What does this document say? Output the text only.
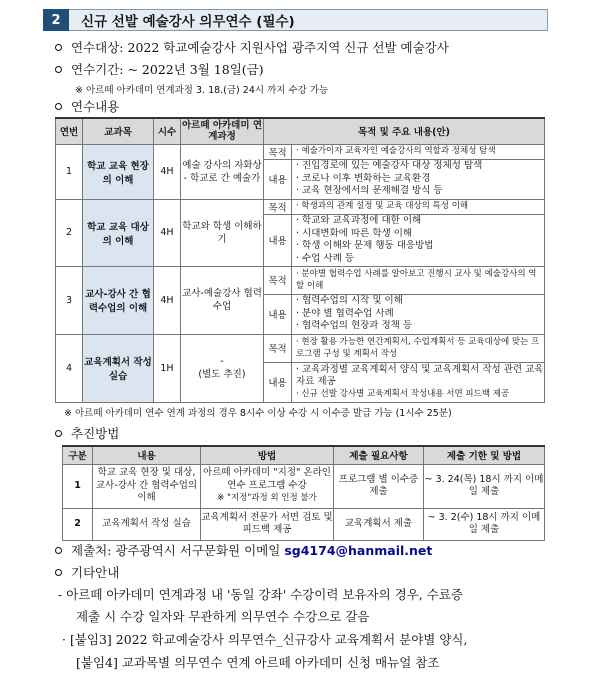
2	신규 선발 예술강사 의무연수 (필수)
연수대상: 2022 학교예술강사 지원사업 광주지역 신규 선발 예술강사
연수기간: ~ 2022년 3월 18일(금)
※ 아르떼 아카데미 연계과정 3. 18.(금) 24시 까지 수강 가능
연수내용
연번	교과목	시수	아르떼 아카데미 연계과정	목적 및 주요 내용(안)	
1	학교 교육 현장의 이해	4H	예술 강사의 자화상 - 학교로 간 예술가	목적	· 예술가이자 교육자인 예술강사의 역할과 정체성 탐색

				내용	· 진입경로에 있는 예술강사 대상 정체성 탐색
· 코로나 이후 변화하는 교육환경
· 교육 현장에서의 문제해결 방식 등

2	학교 교육 대상의 이해	4H	학교와 학생 이해하기	목적	· 학생과의 관계 설정 및 교육 대상의 특성 이해

				내용	· 학교와 교육과정에 대한 이해
· 시대변화에 따른 학생 이해
· 학생 이해와 문제 행동 대응방법
· 수업 사례 등

3	교사-강사 간 협력수업의 이해	4H	교사-예술강사 협력수업	목적	· 분야별 협력수업 사례를 알아보고 진행시 교사 및 예술강사의 역할 이해
				내용	· 협력수업의 시작 및 이해
· 분야 별 협력수업 사례
· 협력수업의 현장과 정책 등

4	교육계획서 작성 실습	1H	-
(별도 추진)	목적	· 현장 활용 가능한 연간계획서, 수업계획서 등 교육대상에 맞는 프로그램 구성 및 계획서 작성
				내용	· 교육과정별 교육계획서 양식 및 교육계획서 작성 관련 교육 자료 제공
· 신규 선발 강사별 교육계획서 작성내용 서면 피드백 제공
※ 아르떼 아카데미 연수 연계 과정의 경우 8시수 이상 수강 시 이수증 발급 가능 (1시수 25분)
추진방법
구분	내용	방법	제출 필요사항	제출 기한 및 방법
1	학교 교육 현장 및 대상, 교사-강사 간 협력수업의 이해	아르떼 아카데미 "지정" 온라인 연수 프로그램 수강
※ "지정"과정 외 인정 불가	프로그램 별 이수증 제출	~ 3. 24(목) 18시 까지 이메일 제출
2	교육계획서 작성 실습	교육계획서 전문가 서면 검토 및 피드백 제공	교육계획서 제출	~ 3. 2(수) 18시 까지 이메일 제출
제출처: 광주광역시 서구문화원 이메일 sg4174@hanmail.net
기타안내
- 아르떼 아카데미 연계과정 내 '동일 강좌' 수강이력 보유자의 경우, 수료증
제출 시 수강 일자와 무관하게 의무연수 수강으로 갈음
· [붙임3] 2022 학교예술강사 의무연수_신규강사 교육계획서 분야별 양식,
[붙임4] 교과목별 의무연수 연계 아르떼 아카데미 신청 매뉴얼 참조
